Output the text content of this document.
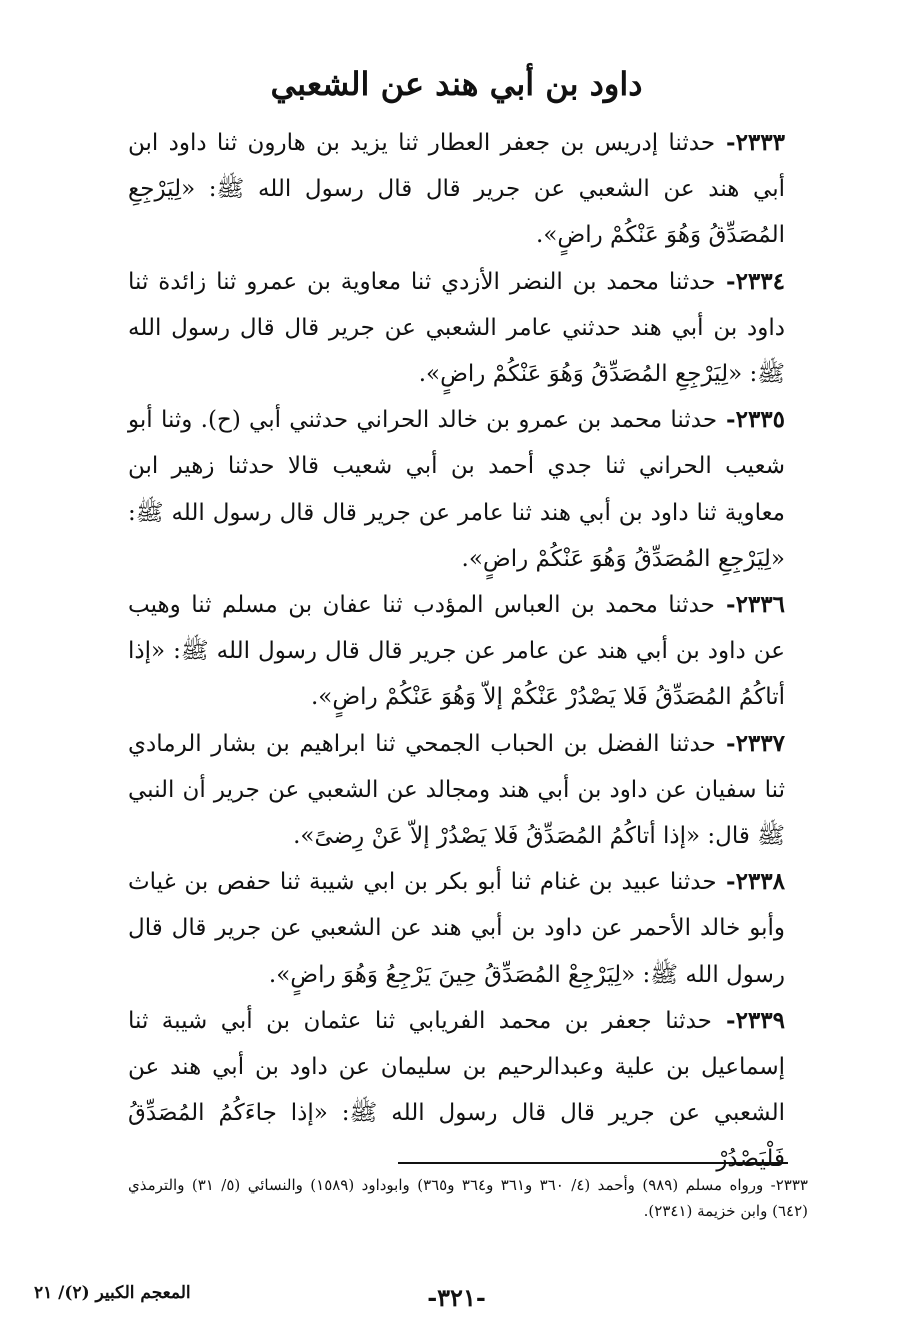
داود بن أبي هند عن الشعبي

٢٣٣٣- حدثنا إدريس بن جعفر العطار ثنا يزيد بن هارون ثنا داود ابن أبي هند عن الشعبي عن جرير قال قال رسول الله ﷺ: «لِيَرْجِعِ المُصَدِّقُ وَهُوَ عَنْكُمْ راضٍ».

٢٣٣٤- حدثنا محمد بن النضر الأزدي ثنا معاوية بن عمرو ثنا زائدة ثنا داود بن أبي هند حدثني عامر الشعبي عن جرير قال قال رسول الله ﷺ: «لِيَرْجِعِ المُصَدِّقُ وَهُوَ عَنْكُمْ راضٍ».

٢٣٣٥- حدثنا محمد بن عمرو بن خالد الحراني حدثني أبي (ح). وثنا أبو شعيب الحراني ثنا جدي أحمد بن أبي شعيب قالا حدثنا زهير ابن معاوية ثنا داود بن أبي هند ثنا عامر عن جرير قال قال رسول الله ﷺ: «لِيَرْجِعِ المُصَدِّقُ وَهُوَ عَنْكُمْ راضٍ».

٢٣٣٦- حدثنا محمد بن العباس المؤدب ثنا عفان بن مسلم ثنا وهيب عن داود بن أبي هند عن عامر عن جرير قال قال رسول الله ﷺ: «إذا أتاكُمُ المُصَدِّقُ فَلا يَصْدُرْ عَنْكُمْ إلاّ وَهُوَ عَنْكُمْ راضٍ».

٢٣٣٧- حدثنا الفضل بن الحباب الجمحي ثنا ابراهيم بن بشار الرمادي ثنا سفيان عن داود بن أبي هند ومجالد عن الشعبي عن جرير أن النبي ﷺ قال: «إذا أتاكُمُ المُصَدِّقُ فَلا يَصْدُرْ إلاّ عَنْ رِضىً».

٢٣٣٨- حدثنا عبيد بن غنام ثنا أبو بكر بن ابي شيبة ثنا حفص بن غياث وأبو خالد الأحمر عن داود بن أبي هند عن الشعبي عن جرير قال قال رسول الله ﷺ: «لِيَرْجِعْ المُصَدِّقُ حِينَ يَرْجِعُ وَهُوَ راضٍ».

٢٣٣٩- حدثنا جعفر بن محمد الفريابي ثنا عثمان بن أبي شيبة ثنا إسماعيل بن علية وعبدالرحيم بن سليمان عن داود بن أبي هند عن الشعبي عن جرير قال قال رسول الله ﷺ: «إذا جاءَكُمُ المُصَدِّقُ فَلْيَصْدُرْ

٢٣٣٣- ورواه مسلم (٩٨٩) وأحمد (٤/ ٣٦٠ و٣٦١ و٣٦٤ و٣٦٥) وابوداود (١٥٨٩) والنسائي (٥/ ٣١) والترمذي (٦٤٢) وابن خزيمة (٢٣٤١).
المعجم الكبير (٢)/ ٢١	-٣٢١-
